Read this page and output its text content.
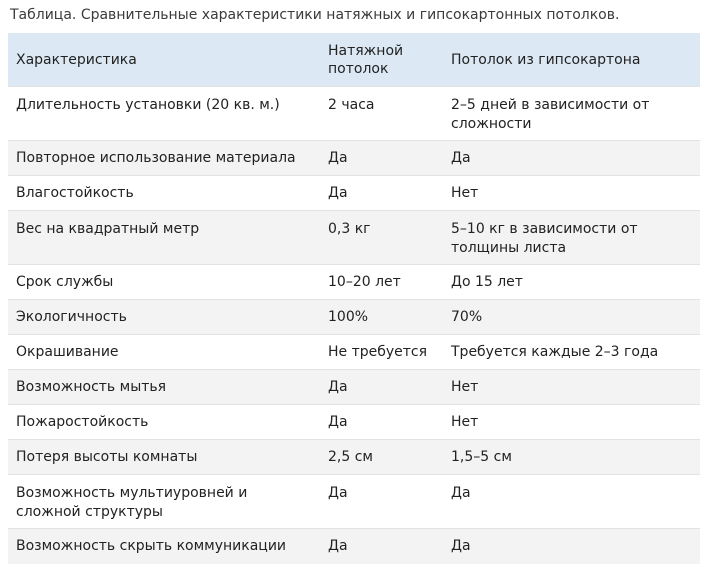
Таблица. Сравнительные характеристики натяжных и гипсокартонных потолков.
Характеристика	Натяжной потолок	Потолок из гипсокартона
Длительность установки (20 кв. м.)	2 часа	2–5 дней в зависимости от сложности
Повторное использование материала	Да	Да
Влагостойкость	Да	Нет
Вес на квадратный метр	0,3 кг	5–10 кг в зависимости от толщины листа
Срок службы	10–20 лет	До 15 лет
Экологичность	100%	70%
Окрашивание	Не требуется	Требуется каждые 2–3 года
Возможность мытья	Да	Нет
Пожаростойкость	Да	Нет
Потеря высоты комнаты	2,5 см	1,5–5 см
Возможность мультиуровней и сложной структуры	Да	Да
Возможность скрыть коммуникации	Да	Да
